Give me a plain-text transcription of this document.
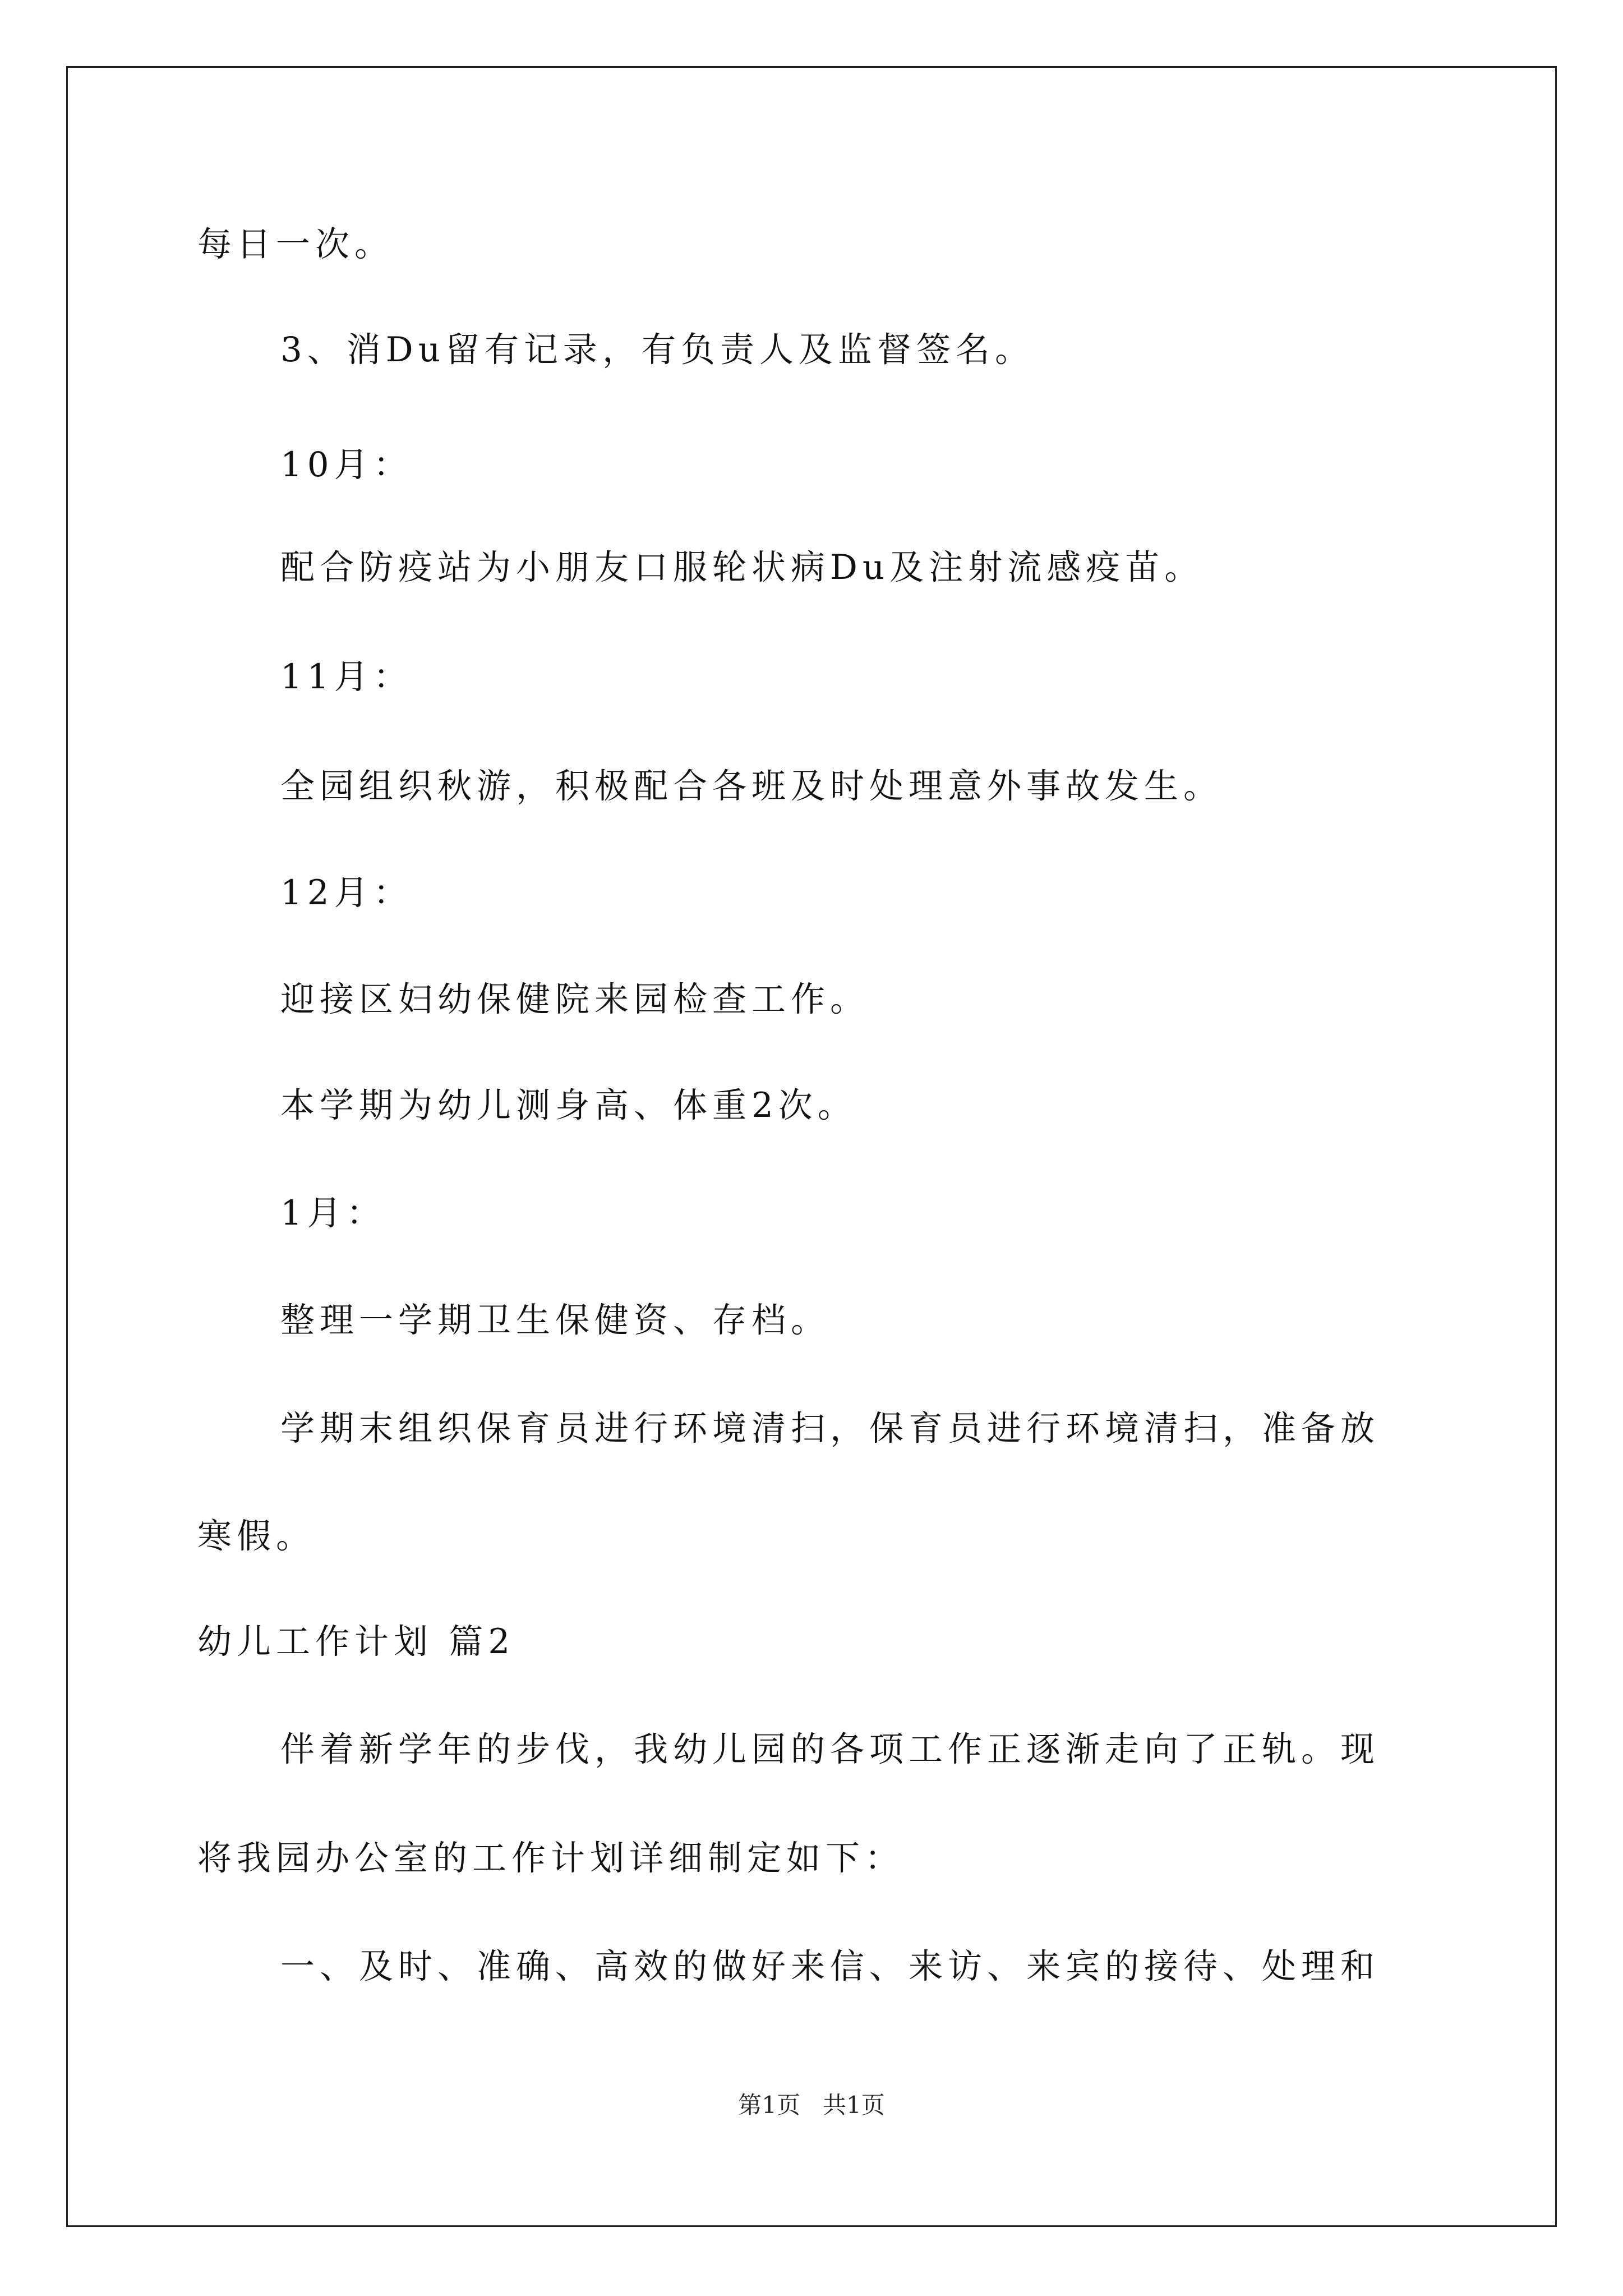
每日一次。
3、消Du留有记录，有负责人及监督签名。
10月：
配合防疫站为小朋友口服轮状病Du及注射流感疫苗。
11月：
全园组织秋游，积极配合各班及时处理意外事故发生。
12月：
迎接区妇幼保健院来园检查工作。
本学期为幼儿测身高、体重2次。
1月：
整理一学期卫生保健资、存档。
学期末组织保育员进行环境清扫，保育员进行环境清扫，准备放
寒假。
幼儿工作计划 篇2
伴着新学年的步伐，我幼儿园的各项工作正逐渐走向了正轨。现
将我园办公室的工作计划详细制定如下：
一、及时、准确、高效的做好来信、来访、来宾的接待、处理和
第1页   共1页
